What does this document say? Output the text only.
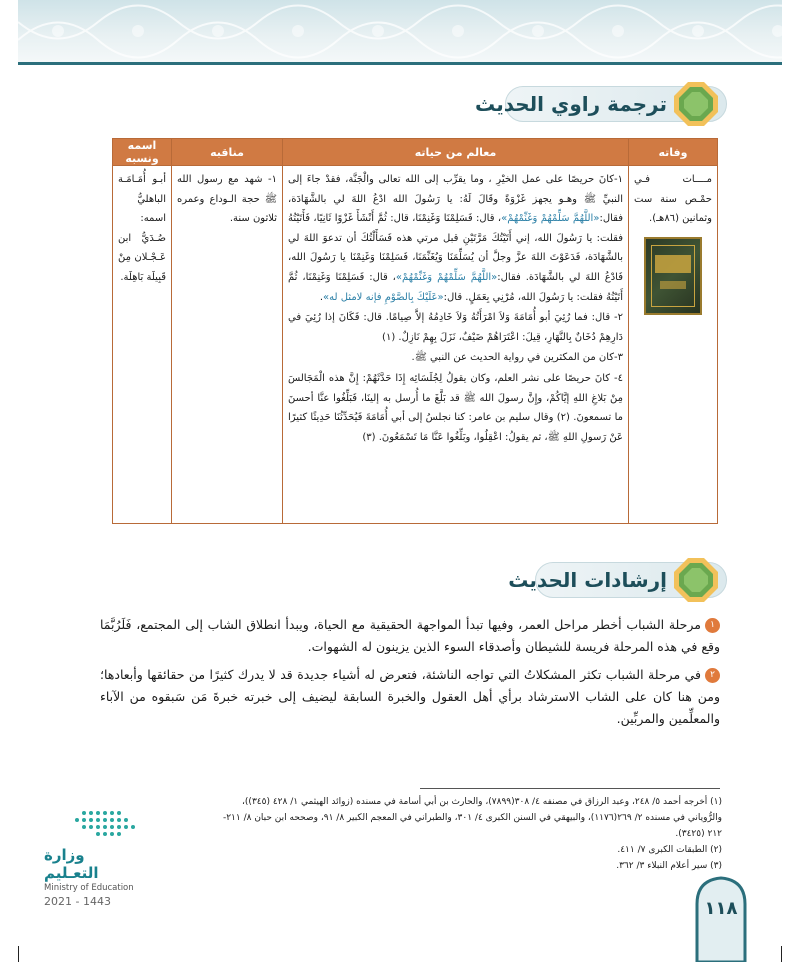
ترجمة راوي الحديث
وفاته	معالم من حياته	مناقبه	اسمه ونسبه

مــــات فـي حمْـص سنة ست وثمانين (٨٦هـ).	١-كانَ حريصًا على عمل الخيْرِ ، وما يقرِّب إلى الله تعالى والْجَنَّة، فقدْ جاءَ إلى النبيِّ ﷺ وهـو يجهز غَزْوَةً وقَالَ لَهُ: يا رَسُولَ الله ادْعُ اللهَ لي بالشَّهَادَة، فقال:«اللَّهُمَّ سَلِّمْهُمْ وَغَنِّمْهُمْ»، قال: فَسَلِمْنَا وَغَنِمْنَا، قال: ثُمَّ أَنْشَأَ غَزْوًا ثَانِيًا، فَأَتَيْتُهُ فقلت: يا رَسُولَ الله، إني أَتَيْتُكَ مَرَّتَيْنِ قبل مرتي هذه فَسَأَلْتُكَ أن تدعوَ اللهَ لي بالشَّهَادَة، فَدَعَوْتَ اللهَ عزَّ وجلَّ أن يُسَلِّمَنَا وَيُغَنِّمَنَا، فَسَلِمْنَا وَغَنِمْنَا يا رَسُولَ الله، فَادْعُ اللهَ لي بالشَّهَادَة. فقال:«اللَّهُمَّ سَلِّمْهُمْ وَغَنِّمْهُمْ»، قال: فَسَلِمْنَا وَغَنِمْنَا، ثُمَّ أَتَيْتُهُ فقلت: يا رَسُولَ الله، مُرْنِي بِعَمَلٍ. قال:«عَلَيْكَ بِالصَّوْمِ فإنه لامثل له».

٢- قال: فما رُئِيَ أبو أُمَامَةَ وَلاَ امْرَأَتُهُ وَلاَ خَادِمُهُ إلاَّ صِيامًا. قال: فَكَانَ إذا رُئِيَ في دَارِهِمْ دُخَانٌ بِالنَّهَارِ، قِيلَ: اعْتَرَاهُمْ ضَيْفٌ، نَزَلَ بِهِمْ نَازِلٌ. (١)

٣-كان من المكثرين في رواية الحديث عن النبي ﷺ.

٤- كانَ حريصًا على نشر العلم، وكان يقولُ لِجُلَسَائِه إِذَا حَدَّثَهُمْ: إِنَّ هذه الْمَجَالسَ مِنْ بَلاغِ اللهِ إيَّاكُمْ، وإِنَّ رسولَ الله ﷺ قد بَلَّغَ ما أُرسل به إلينَا، فَبَلِّغُوا عنَّا أحسنَ ما تسمعونَ. (٢) وقال سليم بن عامر: كنا نجلسُ إلى أبي أُمَامَةَ فَيُحَدِّثُنَا حَدِيثًا كثيرًا عَنْ رَسولِ اللهِ ﷺ، ثم يقولُ: اعْقِلُوا، وبَلِّغُوا عَنَّا مَا تَسْمَعُونَ. (٣)	١- شهد مع رسول الله ﷺ حجة الـوداع وعمره ثلاثون سنة.	أبـو أُمَـامَـة الباهليُّ اسمه: صُـدَيُّ ابن عَـجْـلان مِنْ قَبِيلَة بَاهِلَة.
إرشادات الحديث
١مرحلة الشباب أخطر مراحل العمر، وفيها تبدأ المواجهة الحقيقية مع الحياة، ويبدأ انطلاق الشاب إلى المجتمع، فَلَرُبَّمَا وقع في هذه المرحلة فريسة للشيطان وأصدقاء السوء الذين يزينون له الشهوات.
٢في مرحلة الشباب تكثر المشكلاتُ التي تواجه الناشئة، فتعرض له أشياء جديدة قد لا يدرك كثيرًا من حقائقها وأبعادها؛ ومن هنا كان على الشاب الاسترشاد برأي أهل العقول والخبرة السابقة ليضيف إلى خبرته خبرةَ مَن سَبقوه من الآباء والمعلِّمين والمربِّين.
(١) أخرجه أحمد ٥/ ٢٤٨، وعبد الرزاق في مصنفه ٤/ ٣٠٨(٧٨٩٩)، والحارث بن أبي أسامة في مسنده (زوائد الهيثمي ١/ ٤٢٨ (٣٤٥))، والرُّوياني في مسنده ٢/ ٢٦٩(١١٧٦)، والبيهقي في السنن الكبرى ٤/ ٣٠١، والطبراني في المعجم الكبير ٨/ ٩١، وصححه ابن حبان ٨/ ٢١١- ٢١٢ (٣٤٢٥).
(٢) الطبقات الكبرى ٧/ ٤١١.
(٣) سير أعلام النبلاء ٣/ ٣٦٢.
وزارة التعـليم
Ministry of Education
2021 - 1443	١١٨
